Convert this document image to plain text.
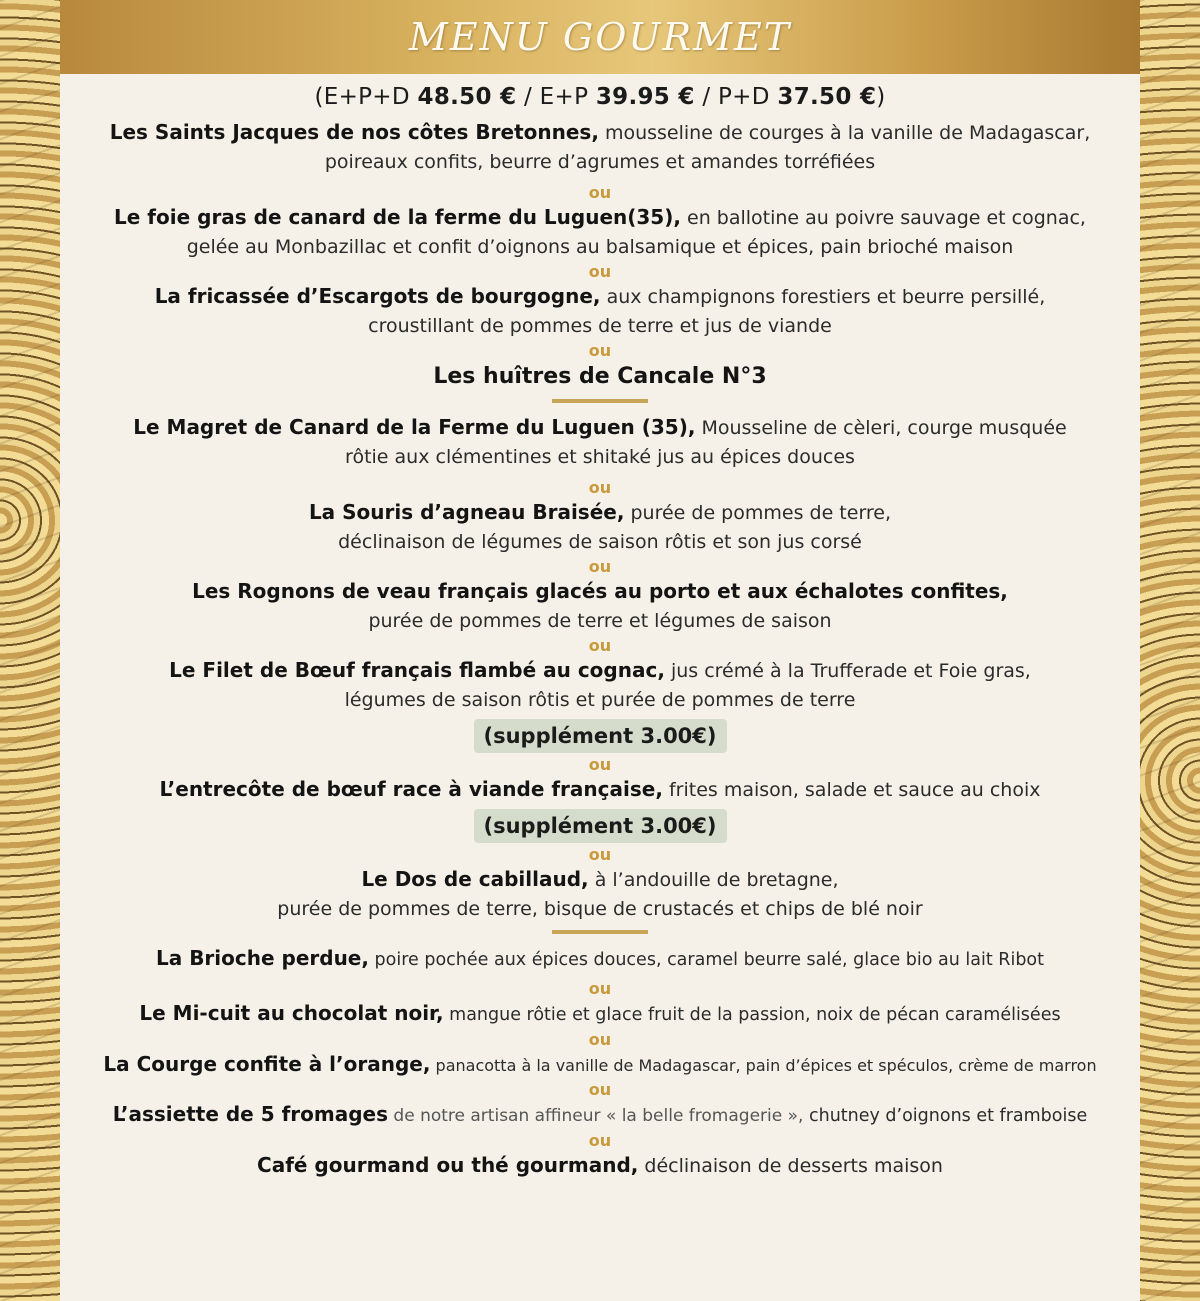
MENU GOURMET
(E+P+D 48.50 € / E+P 39.95 € / P+D 37.50 €)
Les Saints Jacques de nos côtes Bretonnes, mousseline de courges à la vanille de Madagascar,
poireaux confits, beurre d’agrumes et amandes torréfiées
ou
Le foie gras de canard de la ferme du Luguen(35), en ballotine au poivre sauvage et cognac,
gelée au Monbazillac et confit d’oignons au balsamique et épices, pain brioché maison
ou
La fricassée d’Escargots de bourgogne, aux champignons forestiers et beurre persillé,
croustillant de pommes de terre et jus de viande
ou
Les huîtres de Cancale N°3
Le Magret de Canard de la Ferme du Luguen (35), Mousseline de cèleri, courge musquée
rôtie aux clémentines et shitaké jus au épices douces
ou
La Souris d’agneau Braisée, purée de pommes de terre,
déclinaison de légumes de saison rôtis et son jus corsé
ou
Les Rognons de veau français glacés au porto et aux échalotes confites,
purée de pommes de terre et légumes de saison
ou
Le Filet de Bœuf français flambé au cognac, jus crémé à la Trufferade et Foie gras,
légumes de saison rôtis et purée de pommes de terre
(supplément 3.00€)
ou
L’entrecôte de bœuf race à viande française, frites maison, salade et sauce au choix
(supplément 3.00€)
ou
Le Dos de cabillaud, à l’andouille de bretagne,
purée de pommes de terre, bisque de crustacés et chips de blé noir
La Brioche perdue, poire pochée aux épices douces, caramel beurre salé, glace bio au lait Ribot
ou
Le Mi-cuit au chocolat noir, mangue rôtie et glace fruit de la passion, noix de pécan caramélisées
ou
La Courge confite à l’orange, panacotta à la vanille de Madagascar, pain d’épices et spéculos, crème de marron
ou
L’assiette de 5 fromages de notre artisan affineur « la belle fromagerie », chutney d’oignons et framboise
ou
Café gourmand ou thé gourmand, déclinaison de desserts maison
